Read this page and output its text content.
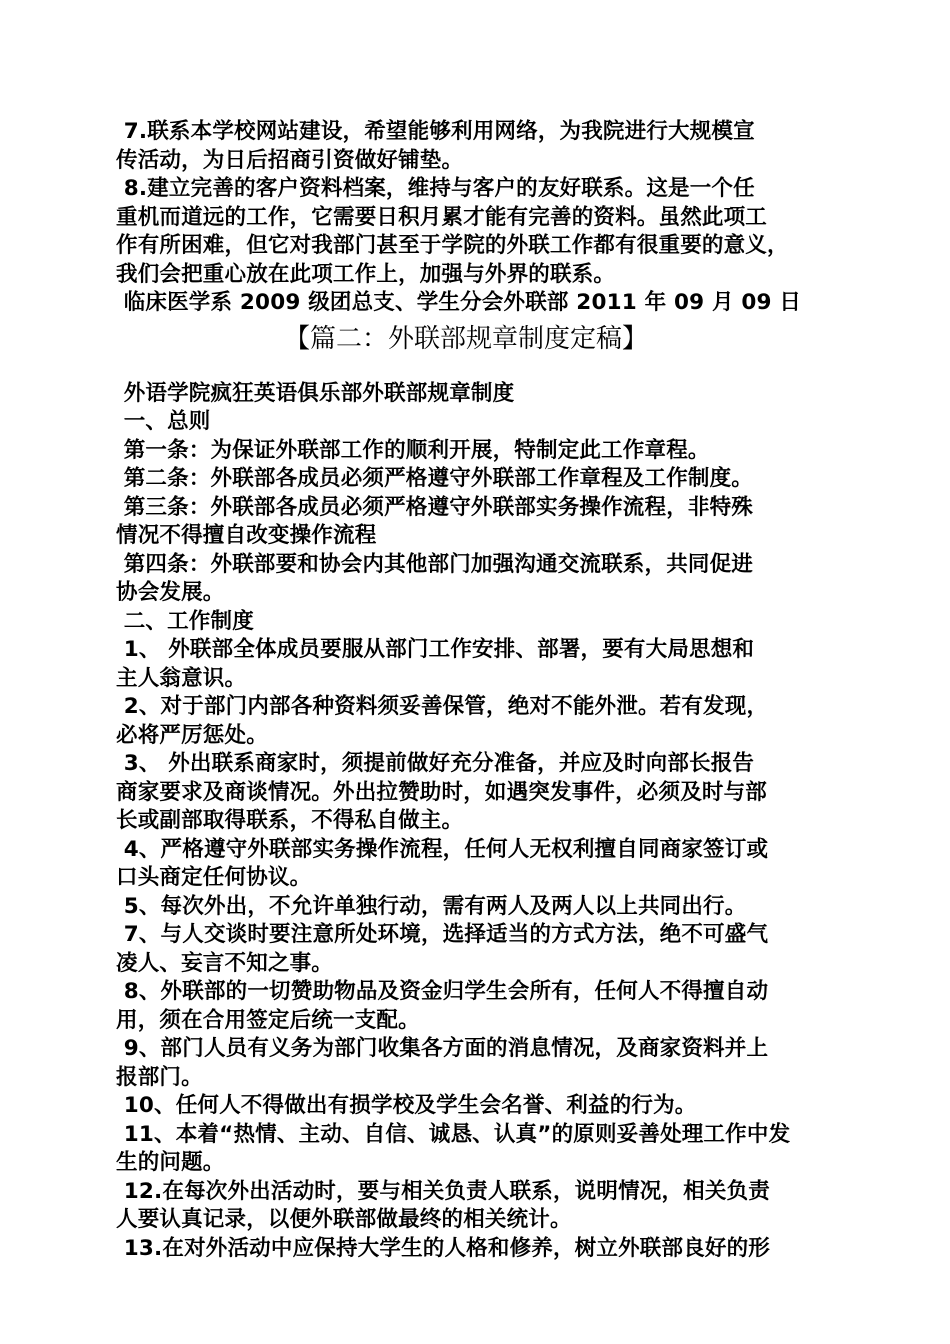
7.联系本学校网站建设，希望能够利用网络，为我院进行大规模宣
传活动，为日后招商引资做好铺垫。

8.建立完善的客户资料档案，维持与客户的友好联系。这是一个任
重机而道远的工作，它需要日积月累才能有完善的资料。虽然此项工
作有所困难，但它对我部门甚至于学院的外联工作都有很重要的意义，
我们会把重心放在此项工作上，加强与外界的联系。

临床医学系 2009 级团总支、学生分会外联部 2011 年 09 月 09 日

【篇二：外联部规章制度定稿】

外语学院疯狂英语俱乐部外联部规章制度

一、总则

第一条：为保证外联部工作的顺利开展，特制定此工作章程。

第二条：外联部各成员必须严格遵守外联部工作章程及工作制度。

第三条：外联部各成员必须严格遵守外联部实务操作流程，非特殊
情况不得擅自改变操作流程

第四条：外联部要和协会内其他部门加强沟通交流联系，共同促进
协会发展。

二、工作制度

1、 外联部全体成员要服从部门工作安排、部署，要有大局思想和
主人翁意识。

2、对于部门内部各种资料须妥善保管，绝对不能外泄。若有发现，
必将严厉惩处。

3、 外出联系商家时，须提前做好充分准备，并应及时向部长报告
商家要求及商谈情况。外出拉赞助时，如遇突发事件，必须及时与部
长或副部取得联系，不得私自做主。

4、严格遵守外联部实务操作流程，任何人无权利擅自同商家签订或
口头商定任何协议。

5、每次外出，不允许单独行动，需有两人及两人以上共同出行。

7、与人交谈时要注意所处环境，选择适当的方式方法，绝不可盛气
凌人、妄言不知之事。

8、外联部的一切赞助物品及资金归学生会所有，任何人不得擅自动
用，须在合用签定后统一支配。

9、部门人员有义务为部门收集各方面的消息情况，及商家资料并上
报部门。

10、任何人不得做出有损学校及学生会名誉、利益的行为。

11、本着“热情、主动、自信、诚恳、认真”的原则妥善处理工作中发
生的问题。

12.在每次外出活动时，要与相关负责人联系，说明情况，相关负责
人要认真记录，以便外联部做最终的相关统计。

13.在对外活动中应保持大学生的人格和修养，树立外联部良好的形
